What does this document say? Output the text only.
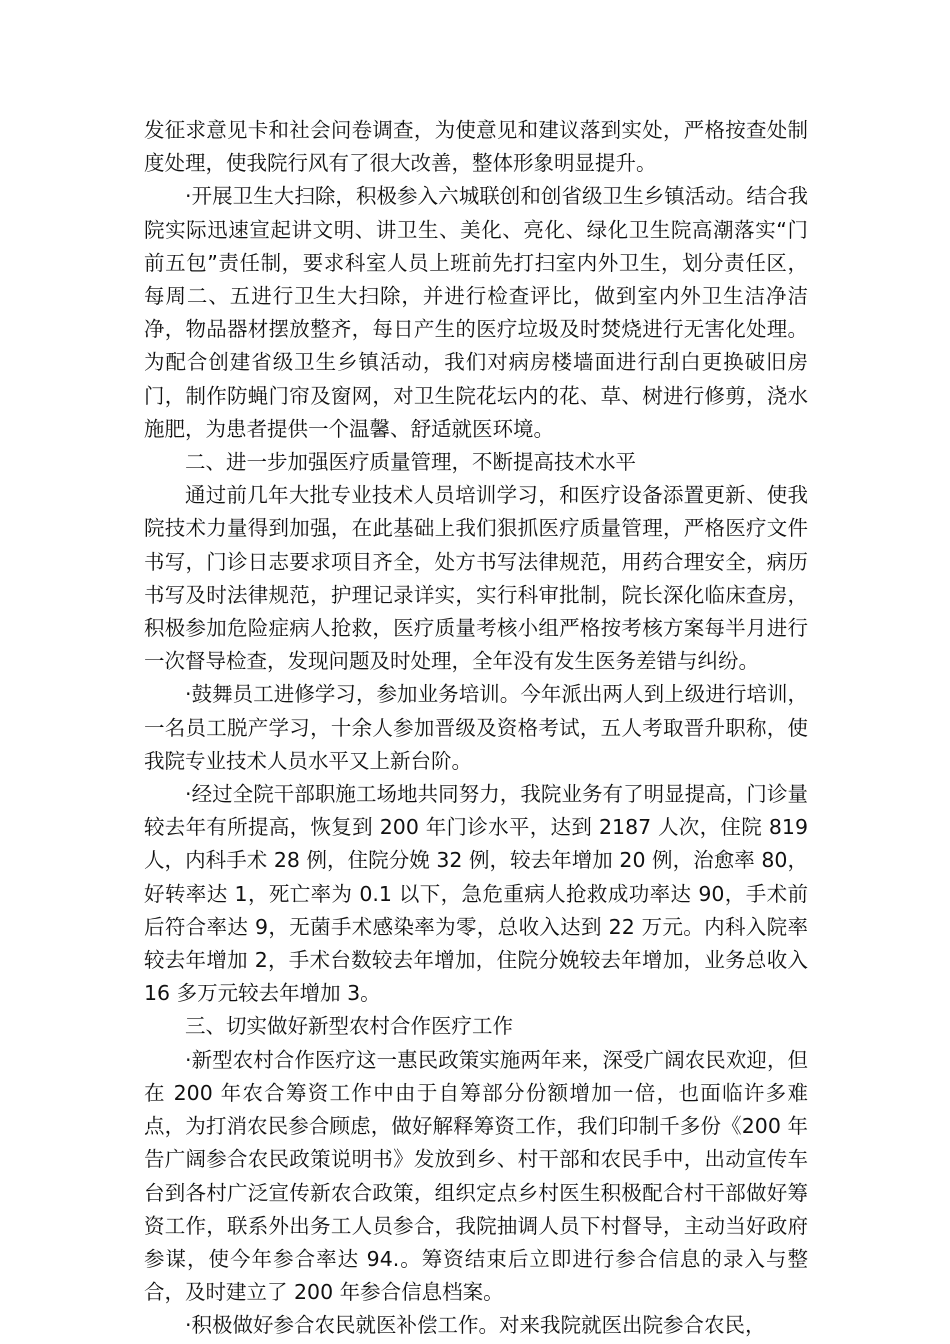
发征求意见卡和社会问卷调查，为使意见和建议落到实处，严格按查处制度处理，使我院行风有了很大改善，整体形象明显提升。

·开展卫生大扫除，积极参入六城联创和创省级卫生乡镇活动。结合我院实际迅速宣起讲文明、讲卫生、美化、亮化、绿化卫生院高潮落实“门前五包”责任制，要求科室人员上班前先打扫室内外卫生，划分责任区，每周二、五进行卫生大扫除，并进行检查评比，做到室内外卫生洁净洁净，物品器材摆放整齐，每日产生的医疗垃圾及时焚烧进行无害化处理。为配合创建省级卫生乡镇活动，我们对病房楼墙面进行刮白更换破旧房门，制作防蝇门帘及窗网，对卫生院花坛内的花、草、树进行修剪，浇水施肥，为患者提供一个温馨、舒适就医环境。

二、进一步加强医疗质量管理，不断提高技术水平

通过前几年大批专业技术人员培训学习，和医疗设备添置更新、使我院技术力量得到加强，在此基础上我们狠抓医疗质量管理，严格医疗文件书写，门诊日志要求项目齐全，处方书写法律规范，用药合理安全，病历书写及时法律规范，护理记录详实，实行科审批制，院长深化临床查房，积极参加危险症病人抢救，医疗质量考核小组严格按考核方案每半月进行一次督导检查，发现问题及时处理，全年没有发生医务差错与纠纷。

·鼓舞员工进修学习，参加业务培训。今年派出两人到上级进行培训，一名员工脱产学习，十余人参加晋级及资格考试，五人考取晋升职称，使我院专业技术人员水平又上新台阶。

·经过全院干部职施工场地共同努力，我院业务有了明显提高，门诊量较去年有所提高，恢复到 200 年门诊水平，达到 2187 人次，住院 819 人，内科手术 28 例，住院分娩 32 例，较去年增加 20 例，治愈率 80，好转率达 1，死亡率为 0.1 以下，急危重病人抢救成功率达 90，手术前后符合率达 9，无菌手术感染率为零，总收入达到 22 万元。内科入院率较去年增加 2，手术台数较去年增加，住院分娩较去年增加，业务总收入 16 多万元较去年增加 3。

三、切实做好新型农村合作医疗工作

·新型农村合作医疗这一惠民政策实施两年来，深受广阔农民欢迎，但在 200 年农合筹资工作中由于自筹部分份额增加一倍，也面临许多难点，为打消农民参合顾虑，做好解释筹资工作，我们印制千多份《200 年告广阔参合农民政策说明书》发放到乡、村干部和农民手中，出动宣传车台到各村广泛宣传新农合政策，组织定点乡村医生积极配合村干部做好筹资工作，联系外出务工人员参合，我院抽调人员下村督导，主动当好政府参谋，使今年参合率达 94.。筹资结束后立即进行参合信息的录入与整合，及时建立了 200 年参合信息档案。

·积极做好参合农民就医补偿工作。对来我院就医出院参合农民，
